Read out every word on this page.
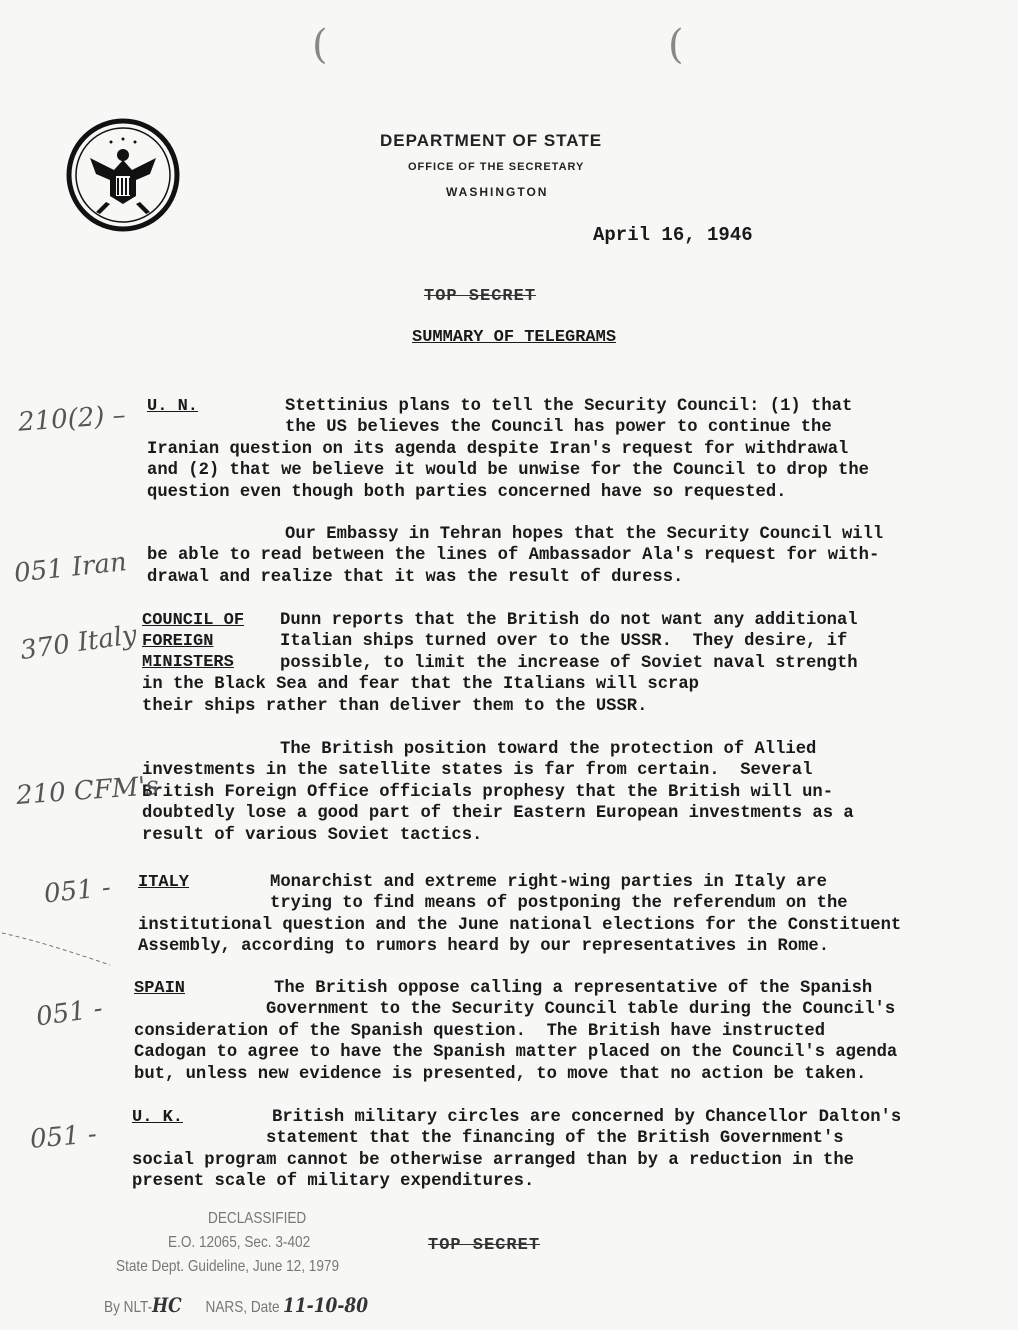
DEPARTMENT OF STATE
OFFICE OF THE SECRETARY
WASHINGTON
(	(
April 16, 1946
TOP SECRET
SUMMARY OF TELEGRAMS
U. N.	Stettinius plans to tell the Security Council: (1) that
the US believes the Council has power to continue the
Iranian question on its agenda despite Iran's request for withdrawal
and (2) that we believe it would be unwise for the Council to drop the
question even though both parties concerned have so requested.
Our Embassy in Tehran hopes that the Security Council will
be able to read between the lines of Ambassador Ala's request for with-
drawal and realize that it was the result of duress.
COUNCIL OF
FOREIGN
MINISTERS
Dunn reports that the British do not want any additional
Italian ships turned over to the USSR.  They desire, if
possible, to limit the increase of Soviet naval strength
in the Black Sea and fear that the Italians will scrap
their ships rather than deliver them to the USSR.
The British position toward the protection of Allied
investments in the satellite states is far from certain.  Several
British Foreign Office officials prophesy that the British will un-
doubtedly lose a good part of their Eastern European investments as a
result of various Soviet tactics.
ITALY	Monarchist and extreme right-wing parties in Italy are
trying to find means of postponing the referendum on the
institutional question and the June national elections for the Constituent
Assembly, according to rumors heard by our representatives in Rome.
SPAIN	The British oppose calling a representative of the Spanish
Government to the Security Council table during the Council's
consideration of the Spanish question.  The British have instructed
Cadogan to agree to have the Spanish matter placed on the Council's agenda
but, unless new evidence is presented, to move that no action be taken.
U. K.	British military circles are concerned by Chancellor Dalton's
statement that the financing of the British Government's
social program cannot be otherwise arranged than by a reduction in the
present scale of military expenditures.
210(2) –
051 Iran
370 Italy
210 CFM's
051 -
051 -
051 -
TOP SECRET
DECLASSIFIED
E.O. 12065, Sec. 3-402
State Dept. Guideline, June 12, 1979
By NLT-HC NARS, Date 11-10-80
